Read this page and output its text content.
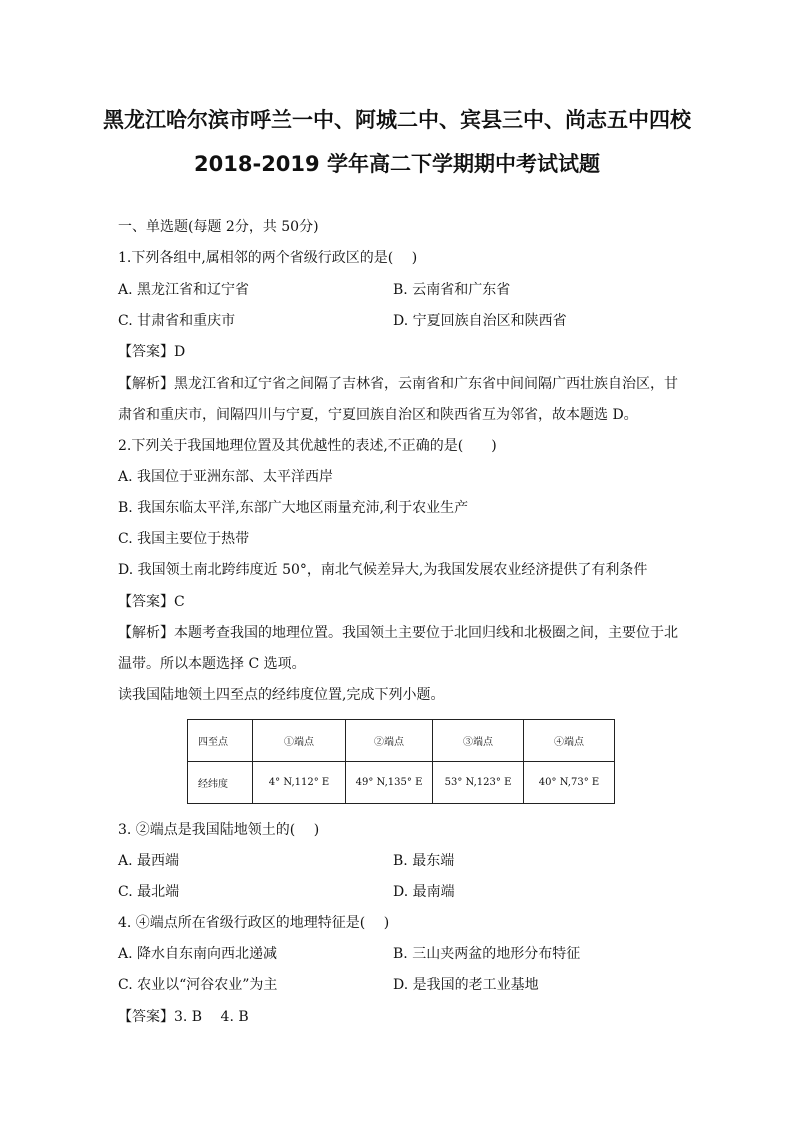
黑龙江哈尔滨市呼兰一中、阿城二中、宾县三中、尚志五中四校
2018-2019 学年高二下学期期中考试试题
一、单选题(每题 2分，共 50分)
1.下列各组中,属相邻的两个省级行政区的是(　 )
A. 黑龙江省和辽宁省	B. 云南省和广东省
C. 甘肃省和重庆市	D. 宁夏回族自治区和陕西省
【答案】D
【解析】黑龙江省和辽宁省之间隔了吉林省，云南省和广东省中间间隔广西壮族自治区，甘
肃省和重庆市，间隔四川与宁夏，宁夏回族自治区和陕西省互为邻省，故本题选 D。
2.下列关于我国地理位置及其优越性的表述,不正确的是(　　)
A. 我国位于亚洲东部、太平洋西岸
B. 我国东临太平洋,东部广大地区雨量充沛,利于农业生产
C. 我国主要位于热带
D. 我国领土南北跨纬度近 50°，南北气候差异大,为我国发展农业经济提供了有利条件
【答案】C
【解析】本题考查我国的地理位置。我国领土主要位于北回归线和北极圈之间，主要位于北
温带。所以本题选择 C 选项。
读我国陆地领土四至点的经纬度位置,完成下列小题。
四至点	①端点	②端点	③端点	④端点
经纬度	4° N,112° E	49° N,135° E	53° N,123° E	40° N,73° E
3. ②端点是我国陆地领土的(　 )
A. 最西端	B. 最东端
C. 最北端	D. 最南端
4. ④端点所在省级行政区的地理特征是(　 )
A. 降水自东南向西北递减	B. 三山夹两盆的地形分布特征
C. 农业以“河谷农业”为主	D. 是我国的老工业基地
【答案】3. B　 4. B
